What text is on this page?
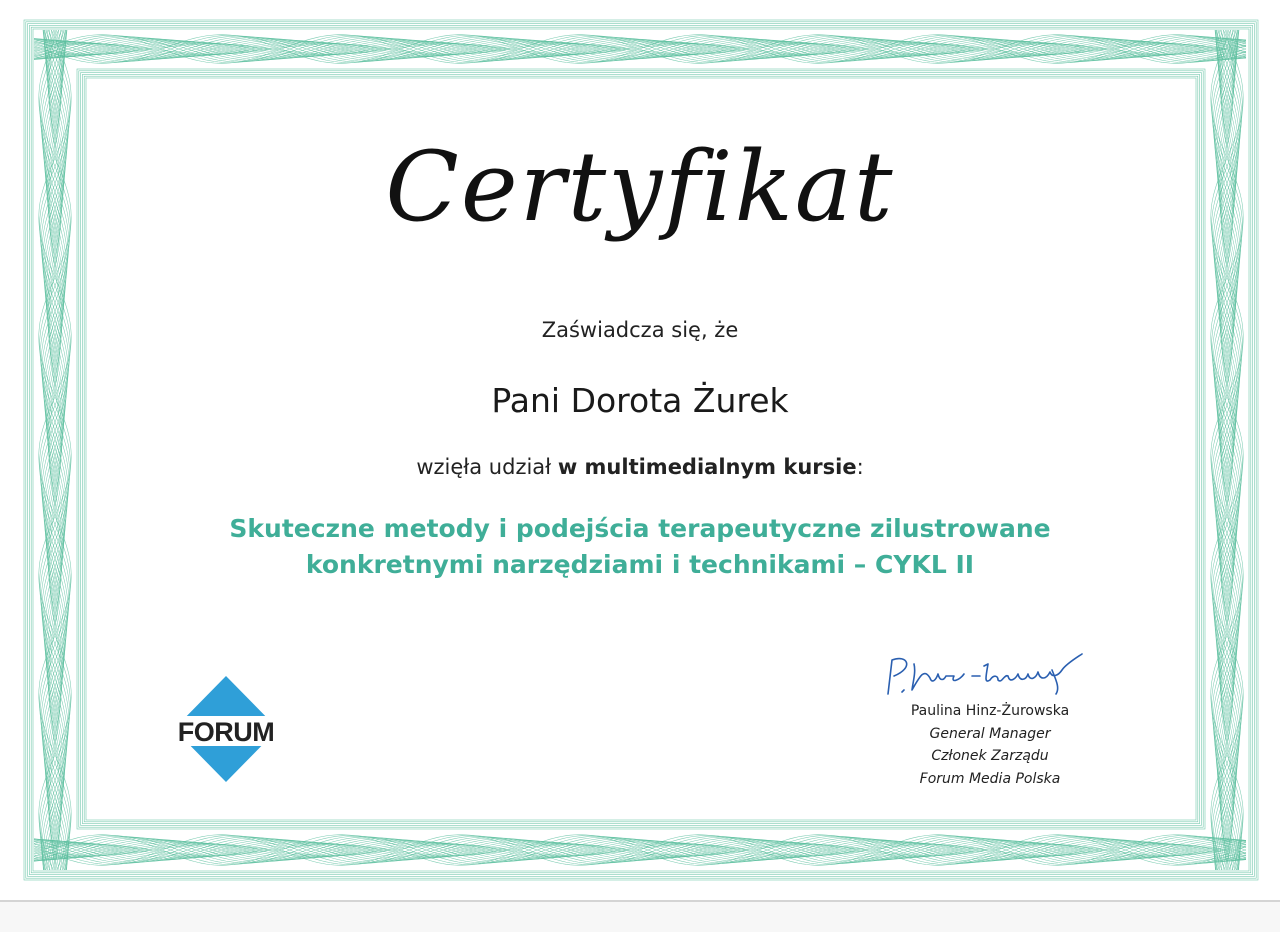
Certyfikat
Zaświadcza się, że
Pani Dorota Żurek
wzięła udział w multimedialnym kursie:
Skuteczne metody i podejścia terapeutyczne zilustrowane
konkretnymi narzędziami i technikami – CYKL II
FORUM
Paulina Hinz-Żurowska
General Manager
Członek Zarządu
Forum Media Polska
